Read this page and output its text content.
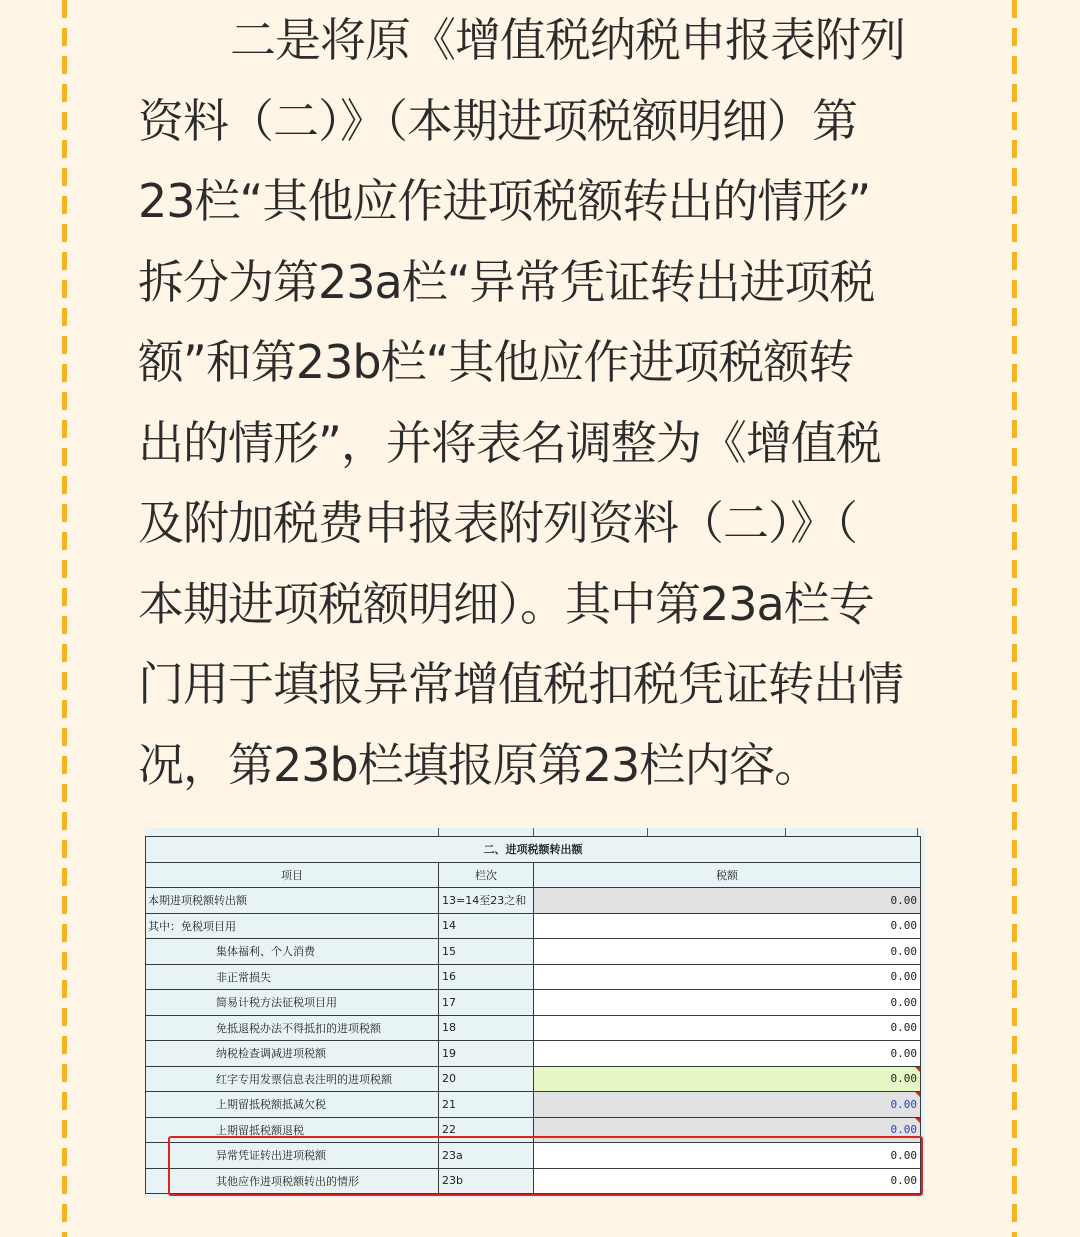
二是将原《增值税纳税申报表附列
资料（二）》（本期进项税额明细）第
23栏“其他应作进项税额转出的情形”
拆分为第23a栏“异常凭证转出进项税
额”和第23b栏“其他应作进项税额转
出的情形”，并将表名调整为《增值税
及附加税费申报表附列资料（二）》（
本期进项税额明细）。其中第23a栏专
门用于填报异常增值税扣税凭证转出情
况，第23b栏填报原第23栏内容。

二、进项税额转出额		
项目	栏次	税额
本期进项税额转出额	13=14至23之和	0.00
其中：免税项目用	14	0.00
集体福利、个人消费	15	0.00
非正常损失	16	0.00
简易计税方法征税项目用	17	0.00
免抵退税办法不得抵扣的进项税额	18	0.00
纳税检查调减进项税额	19	0.00
红字专用发票信息表注明的进项税额	20	0.00
上期留抵税额抵减欠税	21	0.00
上期留抵税额退税	22	0.00
异常凭证转出进项税额	23a	0.00
其他应作进项税额转出的情形	23b	0.00
